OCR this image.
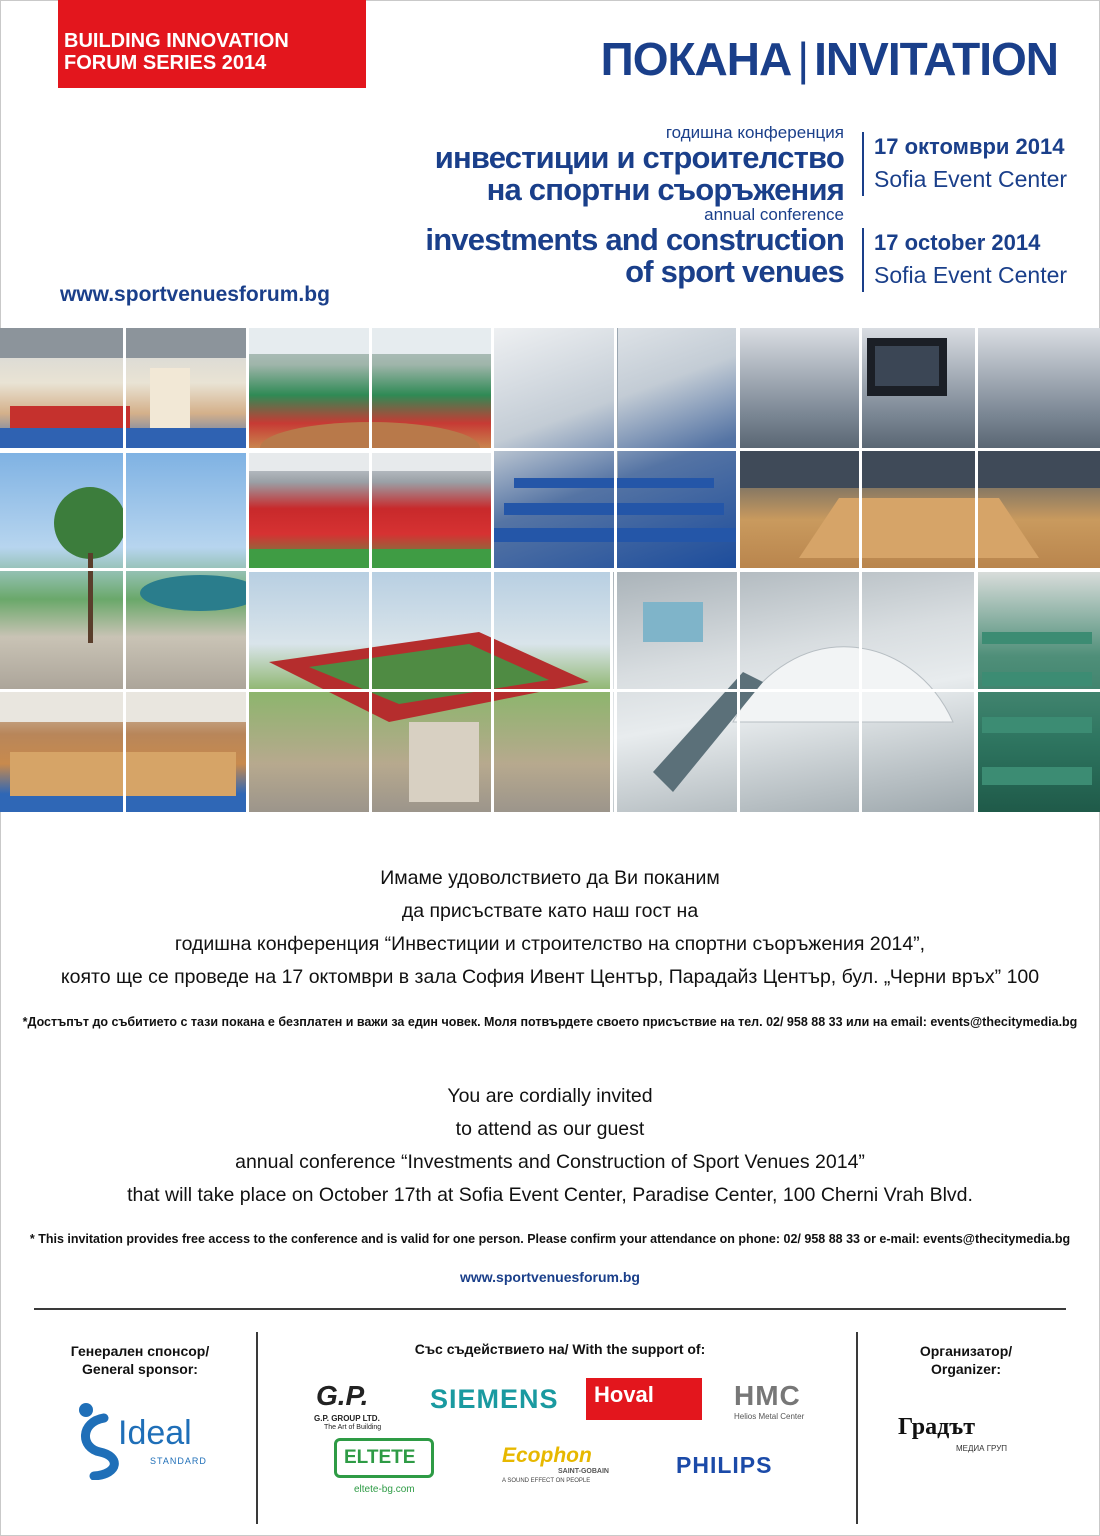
BUILDING INNOVATION
FORUM SERIES 2014	ПОКАНА | INVITATION
годишна конференция
инвестиции и строителство
на спортни съоръжения
annual conference
investments and construction
of sport venues
17 октомври 2014
Sofia Event Center
17 october 2014
Sofia Event Center
www.sportvenuesforum.bg
Имаме удоволствието да Ви поканим
да присъствате като наш гост на
годишна конференция “Инвестиции и строителство на спортни съоръжения 2014”,
която ще се проведе на 17 октомври в зала София Ивент Център, Парадайз Център, бул. „Черни връх” 100
*Достъпът до събитието с тази покана е безплатен и важи за един човек. Моля потвърдете своето присъствие на тел. 02/ 958 88 33 или на email: events@thecitymedia.bg
You are cordially invited
to attend as our guest
annual conference “Investments and Construction of Sport Venues 2014”
that will take place on October 17th at Sofia Event Center, Paradise Center, 100 Cherni Vrah Blvd.
* This invitation provides free access to the conference and is valid for one person. Please confirm your attendance on phone: 02/ 958 88 33 or e-mail: events@thecitymedia.bg
www.sportvenuesforum.bg
Генерален спонсор/
General sponsor:
Със съдействието на/ With the support of:	Организатор/
Organizer:
Ideal
STANDARD
G.P.
G.P. GROUP LTD.
The Art of Building
SIEMENS Hoval	HMC
Helios Metal Center
ELTETE
eltete-bg.com
Ecophon
SAINT-GOBAIN
A SOUND EFFECT ON PEOPLE
PHILIPS
Градът
МЕДИА ГРУП
